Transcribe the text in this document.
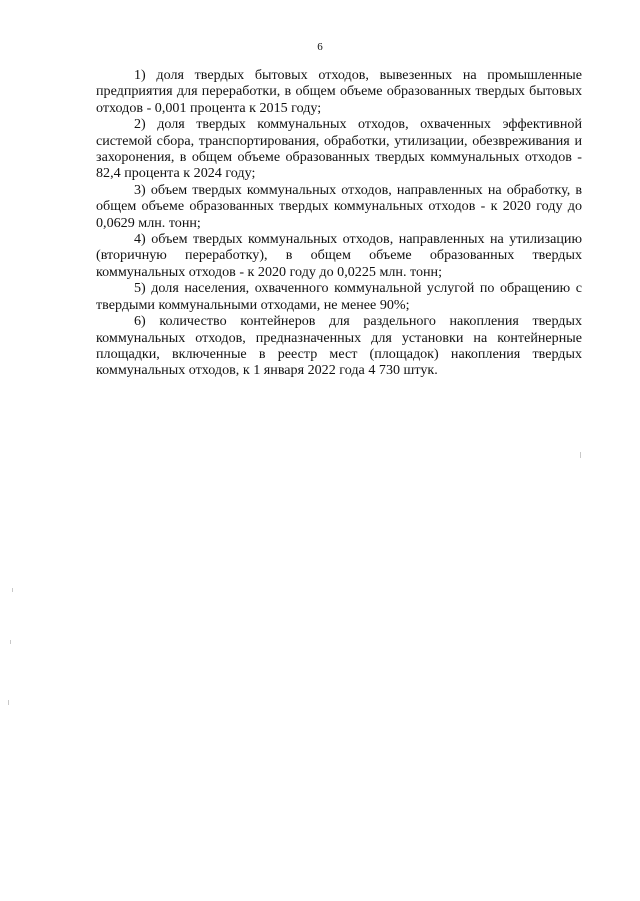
6

1) доля твердых бытовых отходов, вывезенных на промышленные предприятия для переработки, в общем объеме образованных твердых бытовых отходов - 0,001 процента к 2015 году;

2) доля твердых коммунальных отходов, охваченных эффективной системой сбора, транспортирования, обработки, утилизации, обезвреживания и захоронения, в общем объеме образованных твердых коммунальных отходов - 82,4 процента к 2024 году;

3) объем твердых коммунальных отходов, направленных на обработку, в общем объеме образованных твердых коммунальных отходов - к 2020 году до 0,0629 млн. тонн;

4) объем твердых коммунальных отходов, направленных на утилизацию (вторичную переработку), в общем объеме образованных твердых коммунальных отходов - к 2020 году до 0,0225 млн. тонн;

5) доля населения, охваченного коммунальной услугой по обращению с твердыми коммунальными отходами, не менее 90%;

6) количество контейнеров для раздельного накопления твердых коммунальных отходов, предназначенных для установки на контейнерные площадки, включенные в реестр мест (площадок) накопления твердых коммунальных отходов, к 1 января 2022 года 4 730 штук.
